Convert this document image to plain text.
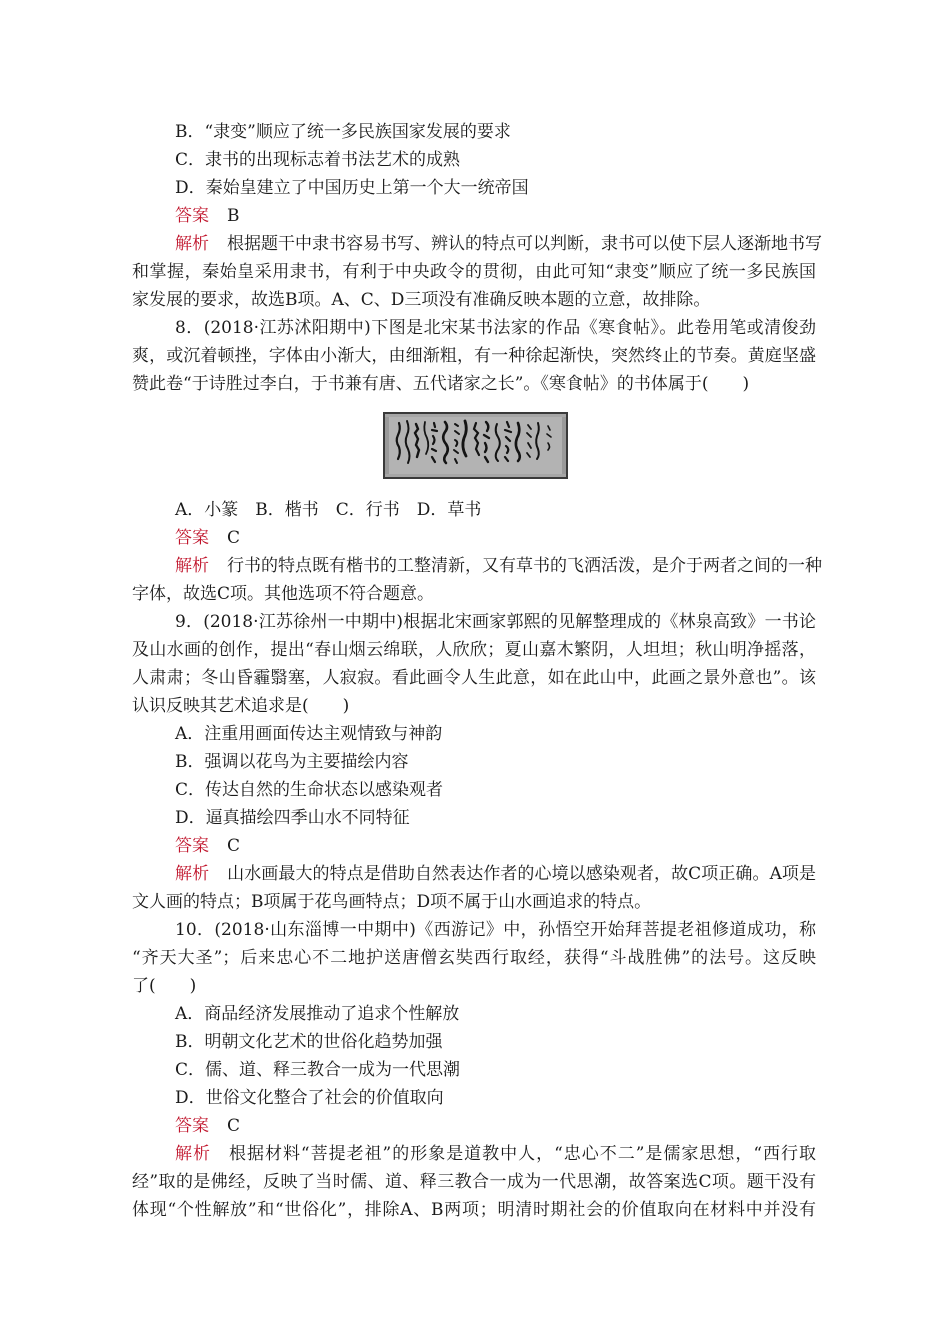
B．“隶变”顺应了统一多民族国家发展的要求
C．隶书的出现标志着书法艺术的成熟
D．秦始皇建立了中国历史上第一个大一统帝国
答案 B
解析 根据题干中隶书容易书写、辨认的特点可以判断，隶书可以使下层人逐渐地书写
和掌握，秦始皇采用隶书，有利于中央政令的贯彻，由此可知“隶变”顺应了统一多民族国
家发展的要求，故选B项。A、C、D三项没有准确反映本题的立意，故排除。
8．(2018·江苏沭阳期中)下图是北宋某书法家的作品《寒食帖》。此卷用笔或清俊劲
爽，或沉着顿挫，字体由小渐大，由细渐粗，有一种徐起渐快，突然终止的节奏。黄庭坚盛
赞此卷“于诗胜过李白，于书兼有唐、五代诸家之长”。《寒食帖》的书体属于(　　)
A．小篆　B．楷书　C．行书　D．草书
答案 C
解析 行书的特点既有楷书的工整清新，又有草书的飞洒活泼，是介于两者之间的一种
字体，故选C项。其他选项不符合题意。
9．(2018·江苏徐州一中期中)根据北宋画家郭熙的见解整理成的《林泉高致》一书论
及山水画的创作，提出“春山烟云绵联，人欣欣；夏山嘉木繁阴，人坦坦；秋山明净摇落，
人肃肃；冬山昏霾翳塞，人寂寂。看此画令人生此意，如在此山中，此画之景外意也”。该
认识反映其艺术追求是(　　)
A．注重用画面传达主观情致与神韵
B．强调以花鸟为主要描绘内容
C．传达自然的生命状态以感染观者
D．逼真描绘四季山水不同特征
答案 C
解析 山水画最大的特点是借助自然表达作者的心境以感染观者，故C项正确。A项是
文人画的特点；B项属于花鸟画特点；D项不属于山水画追求的特点。
10．(2018·山东淄博一中期中)《西游记》中，孙悟空开始拜菩提老祖修道成功，称
“齐天大圣”；后来忠心不二地护送唐僧玄奘西行取经，获得“斗战胜佛”的法号。这反映
了(　　)
A．商品经济发展推动了追求个性解放
B．明朝文化艺术的世俗化趋势加强
C．儒、道、释三教合一成为一代思潮
D．世俗文化整合了社会的价值取向
答案 C
解析 根据材料“菩提老祖”的形象是道教中人，“忠心不二”是儒家思想，“西行取
经”取的是佛经，反映了当时儒、道、释三教合一成为一代思潮，故答案选C项。题干没有
体现“个性解放”和“世俗化”，排除A、B两项；明清时期社会的价值取向在材料中并没有
